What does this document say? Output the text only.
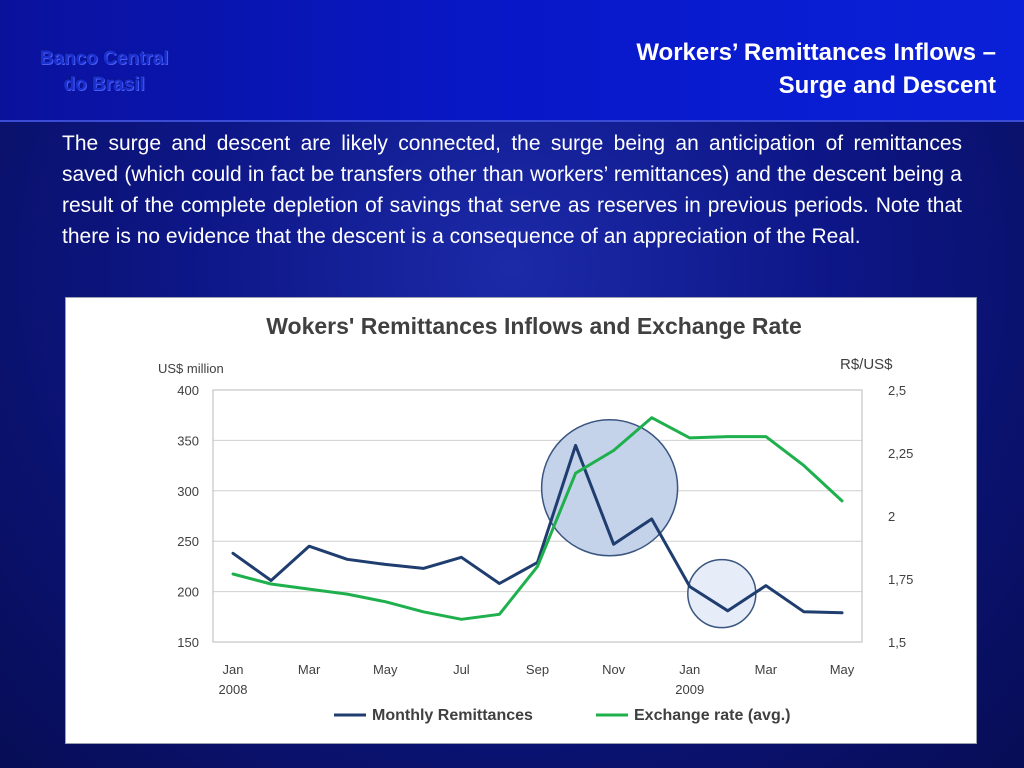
Banco Central
do Brasil
Workers’ Remittances Inflows –
Surge and Descent
The surge and descent are likely connected, the surge being an anticipation of remittances saved (which could in fact be transfers other than workers’ remittances) and the descent being a result of the complete depletion of savings that serve as reserves in previous periods. Note that there is no evidence that the descent is a consequence of an appreciation of the Real.
Wokers' Remittances Inflows and Exchange Rate
US$ million	R$/US$
400
350
300
250
200
150
2,5
2,25
2
1,75
1,5
Jan
2008
Mar	May	Jul	Sep	Nov	Jan
2009
Mar	May
Monthly Remittances	Exchange rate (avg.)
